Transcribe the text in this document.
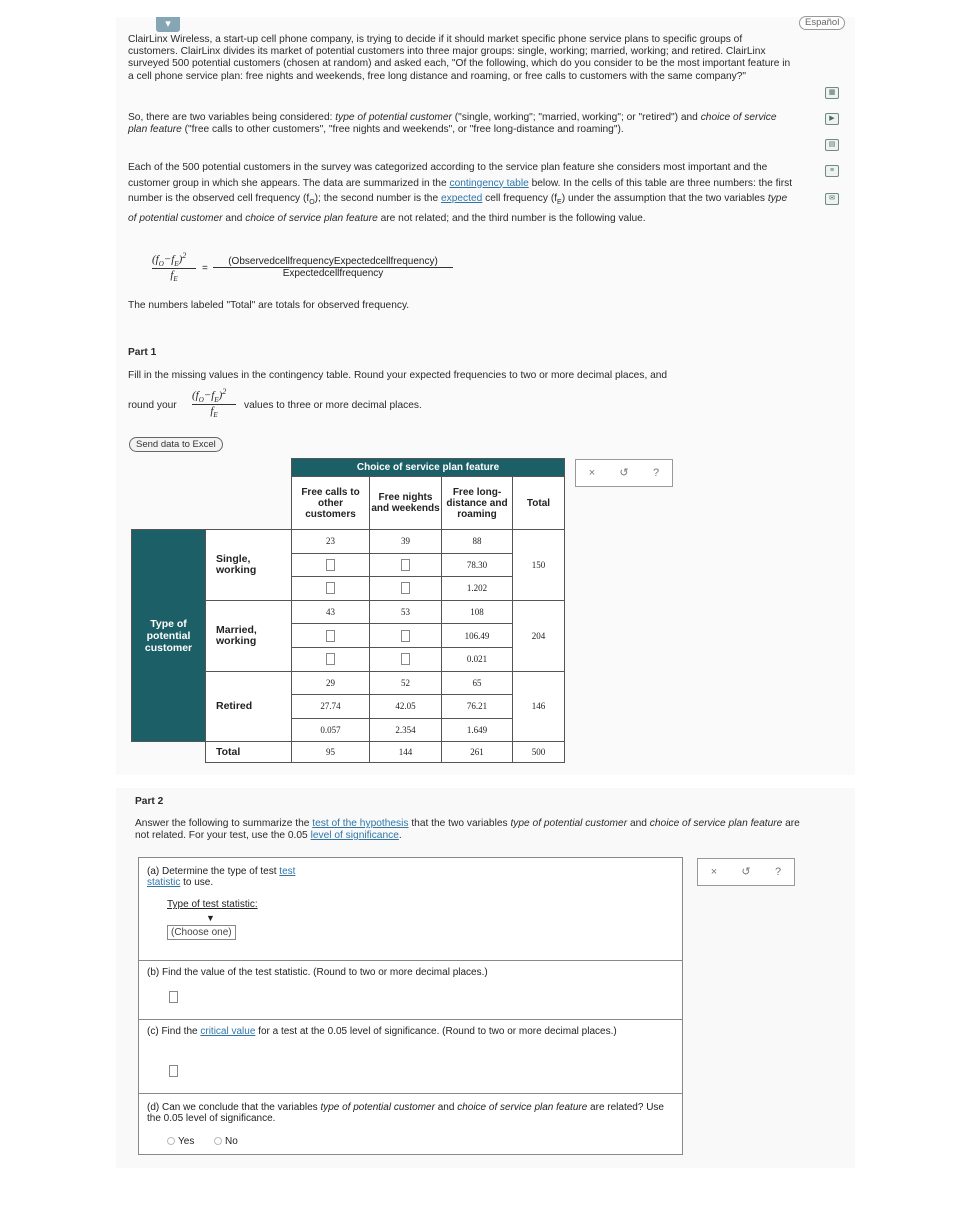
▾	Español
▦
▶
▤
≡
✉
ClairLinx Wireless, a start-up cell phone company, is trying to decide if it should market specific phone service plans to specific groups of customers. ClairLinx divides its market of potential customers into three major groups: single, working; married, working; and retired. ClairLinx surveyed 500 potential customers (chosen at random) and asked each, "Of the following, which do you consider to be the most important feature in a cell phone service plan: free nights and weekends, free long distance and roaming, or free calls to customers with the same company?"
So, there are two variables being considered: type of potential customer ("single, working"; "married, working"; or "retired") and choice of service plan feature ("free calls to other customers", "free nights and weekends", or "free long-distance and roaming").
Each of the 500 potential customers in the survey was categorized according to the service plan feature she considers most important and the customer group in which she appears. The data are summarized in the contingency table below. In the cells of this table are three numbers: the first number is the observed cell frequency $(f_O)$; the second number is the expected cell frequency $(f_E)$ under the assumption that the two variables type of potential customer and choice of service plan feature are not related; and the third number is the following value.
$(f_O-f_E)^2$
$f_E$
=
(ObservedcellfrequencyExpectedcellfrequency)
Expectedcellfrequency
The numbers labeled "Total" are totals for observed frequency.
Part 1
Fill in the missing values in the contingency table. Round your expected frequencies to two or more decimal places, and
round your
$(f_O-f_E)^2$
$f_E$
values to three or more decimal places.
Send data to Excel
		Choice of service plan feature			
		Free calls to other customers	Free nights and weekends	Free long-distance and roaming	Total
Type of potential customer	Single, working	23	39	88	150
				78.30	
				1.202	
	Married, working	43	53	108	204
				106.49	
				0.021	
	Retired	29	52	65	146
		27.74	42.05	76.21	
		0.057	2.354	1.649	
	Total	95	144	261	500
× ↺ ?
Part 2
Answer the following to summarize the test of the hypothesis that the two variables type of potential customer and choice of service plan feature are not related. For your test, use the 0.05 level of significance.
(a) Determine the type of test test
statistic to use.
Type of test statistic:
▼
(Choose one)
(b) Find the value of the test statistic. (Round to two or more decimal places.)
(c) Find the critical value for a test at the 0.05 level of significance. (Round to two or more decimal places.)
(d) Can we conclude that the variables type of potential customer and choice of service plan feature are related? Use the 0.05 level of significance.
Yes	No
× ↺ ?
